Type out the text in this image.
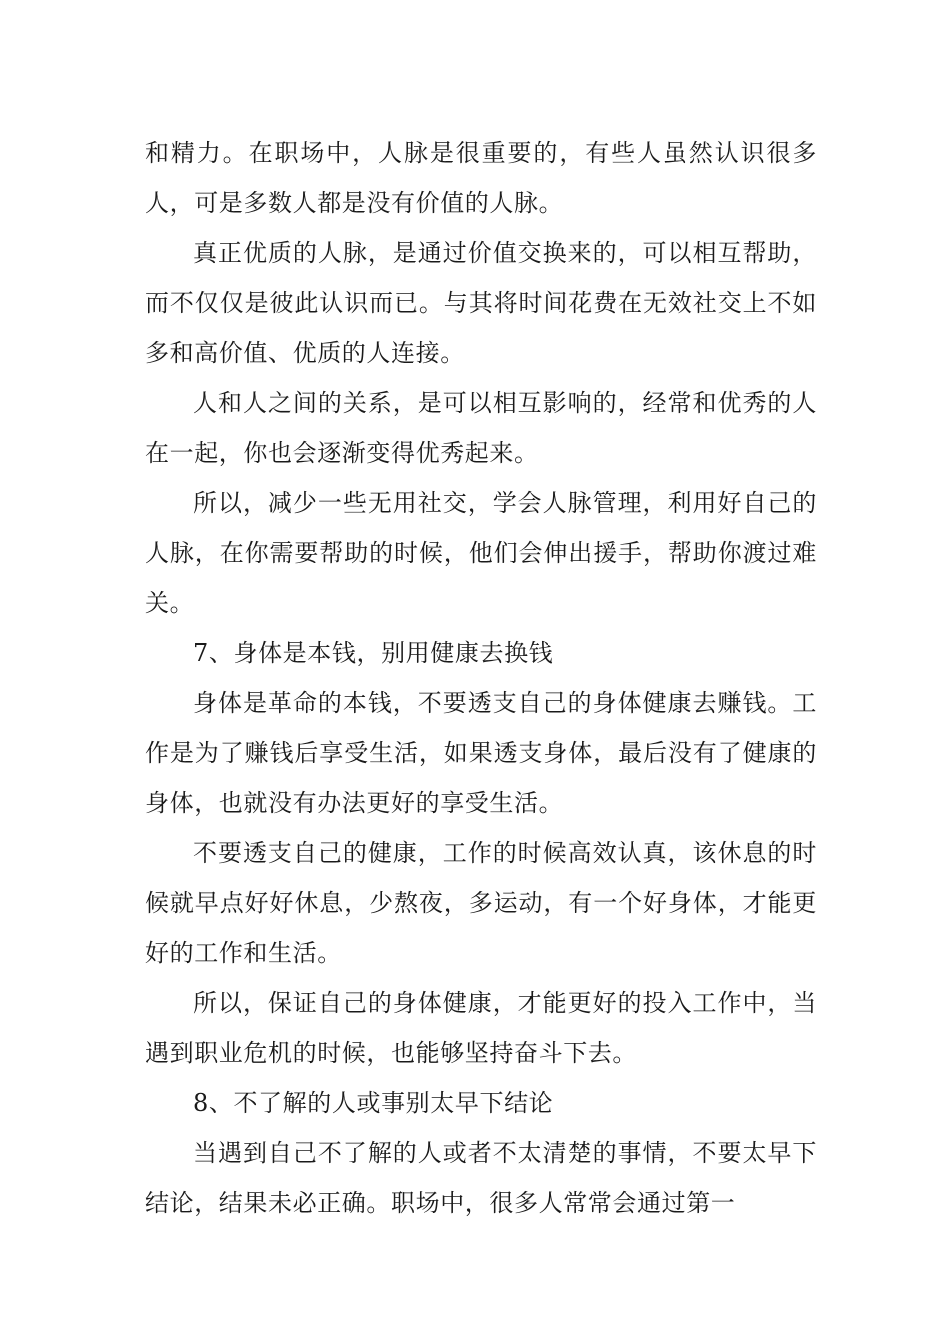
和精力。在职场中，人脉是很重要的，有些人虽然认识很多人，可是多数人都是没有价值的人脉。

真正优质的人脉，是通过价值交换来的，可以相互帮助，而不仅仅是彼此认识而已。与其将时间花费在无效社交上不如多和高价值、优质的人连接。

人和人之间的关系，是可以相互影响的，经常和优秀的人在一起，你也会逐渐变得优秀起来。

所以，减少一些无用社交，学会人脉管理，利用好自己的人脉，在你需要帮助的时候，他们会伸出援手，帮助你渡过难关。

7、身体是本钱，别用健康去换钱

身体是革命的本钱，不要透支自己的身体健康去赚钱。工作是为了赚钱后享受生活，如果透支身体，最后没有了健康的身体，也就没有办法更好的享受生活。

不要透支自己的健康，工作的时候高效认真，该休息的时候就早点好好休息，少熬夜，多运动，有一个好身体，才能更好的工作和生活。

所以，保证自己的身体健康，才能更好的投入工作中，当遇到职业危机的时候，也能够坚持奋斗下去。

8、不了解的人或事别太早下结论

当遇到自己不了解的人或者不太清楚的事情，不要太早下结论，结果未必正确。职场中，很多人常常会通过第一
